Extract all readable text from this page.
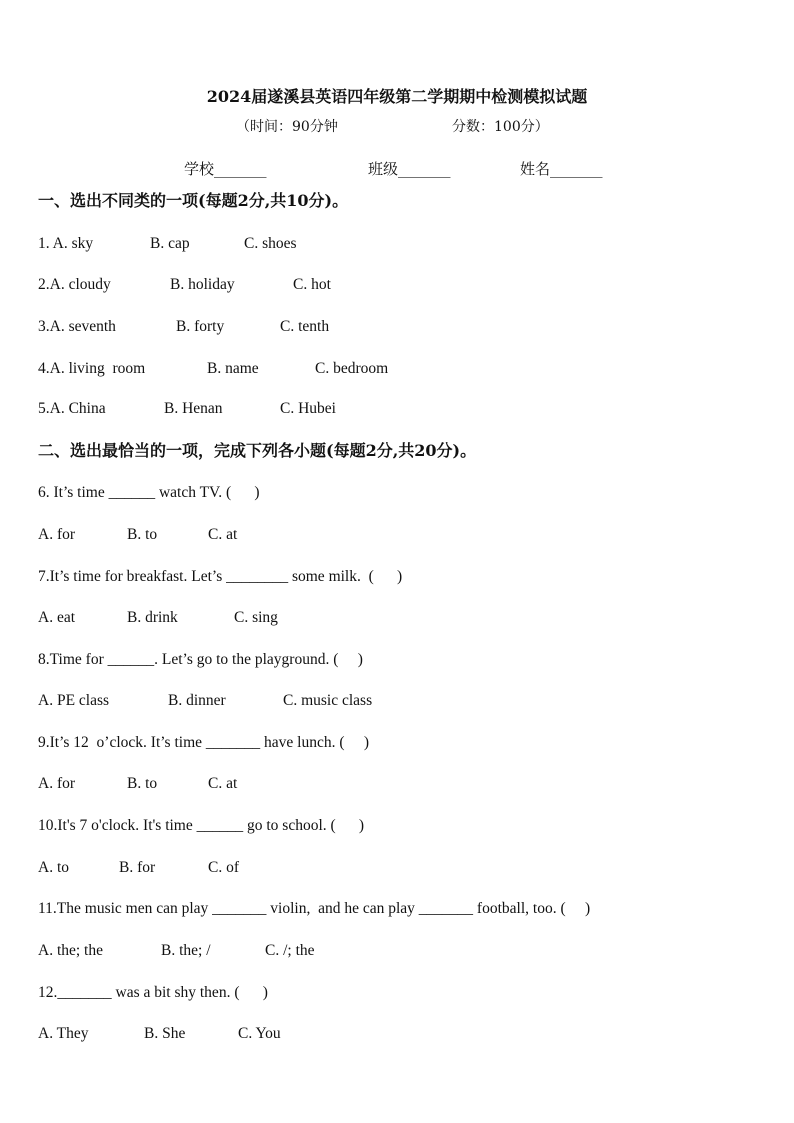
2024届遂溪县英语四年级第二学期期中检测模拟试题
（时间：90分钟	分数：100分）
学校_______	班级_______	姓名_______
一、选出不同类的一项(每题2分,共10分)。
1. A. sky	B. cap	C. shoes
2.A. cloudy	B. holiday	C. hot
3.A. seventh	B. forty	C. tenth
4.A. living  room	B. name	C. bedroom
5.A. China	B. Henan	C. Hubei
二、选出最恰当的一项，完成下列各小题(每题2分,共20分)。
6. It’s time ______ watch TV. (      )
A. for	B. to	C. at
7.It’s time for breakfast. Let’s ________ some milk.  (      )
A. eat	B. drink	C. sing
8.Time for ______. Let’s go to the playground. (     )
A. PE class	B. dinner	C. music class
9.It’s 12  o’clock. It’s time _______ have lunch. (     )
A. for	B. to	C. at
10.It's 7 o'clock. It's time ______ go to school. (      )
A. to	B. for	C. of
11.The music men can play _______ violin,  and he can play _______ football, too. (     )
A. the; the	B. the; /	C. /; the
12._______ was a bit shy then. (      )
A. They	B. She	C. You
